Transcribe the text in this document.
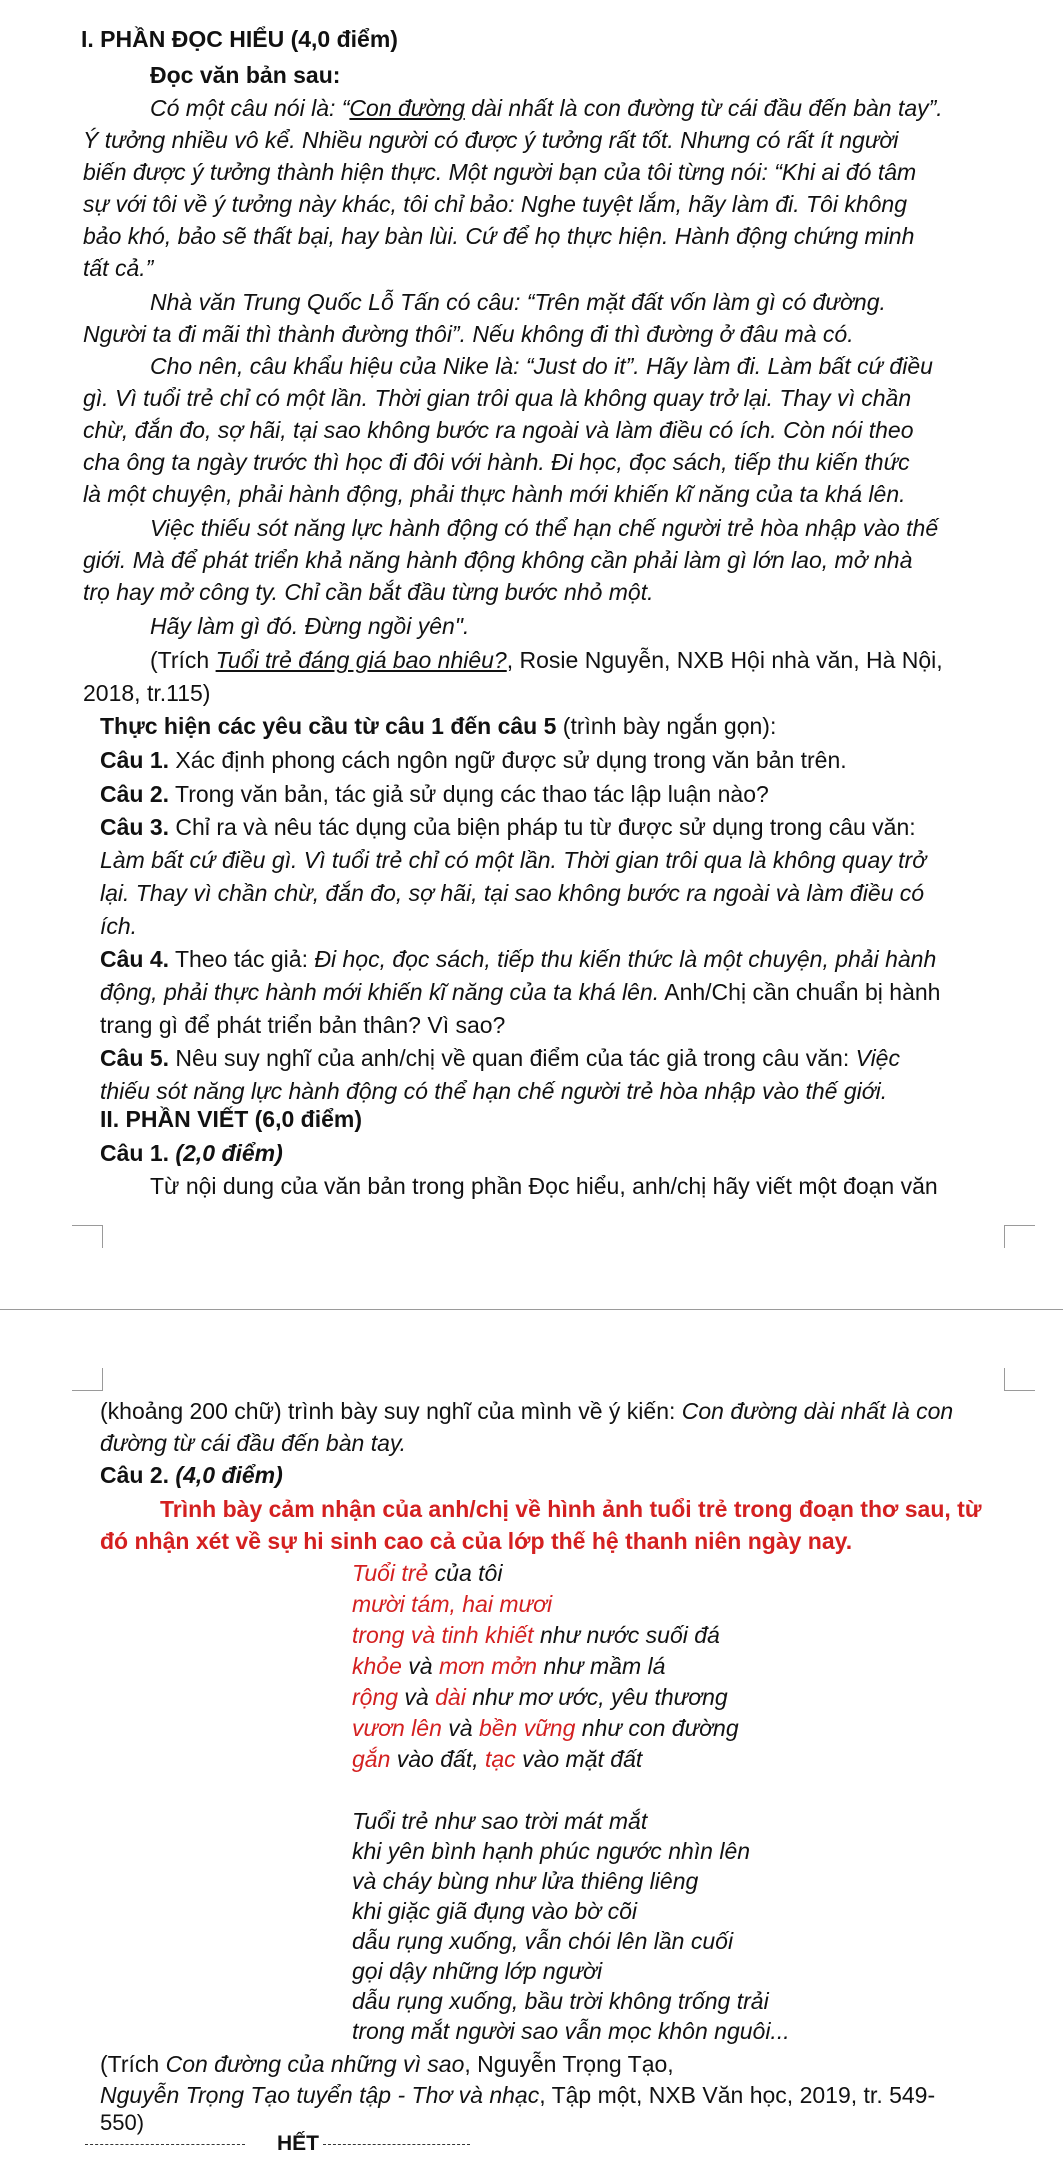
I. PHẦN ĐỌC HIỂU (4,0 điểm)
Đọc văn bản sau:
Có một câu nói là: “Con đường dài nhất là con đường từ cái đầu đến bàn tay”.
Ý tưởng nhiều vô kể. Nhiều người có được ý tưởng rất tốt. Nhưng có rất ít người
biến được ý tưởng thành hiện thực. Một người bạn của tôi từng nói: “Khi ai đó tâm
sự với tôi về ý tưởng này khác, tôi chỉ bảo: Nghe tuyệt lắm, hãy làm đi. Tôi không
bảo khó, bảo sẽ thất bại, hay bàn lùi. Cứ để họ thực hiện. Hành động chứng minh
tất cả.”
Nhà văn Trung Quốc Lỗ Tấn có câu: “Trên mặt đất vốn làm gì có đường.
Người ta đi mãi thì thành đường thôi”. Nếu không đi thì đường ở đâu mà có.
Cho nên, câu khẩu hiệu của Nike là: “Just do it”. Hãy làm đi. Làm bất cứ điều
gì. Vì tuổi trẻ chỉ có một lần. Thời gian trôi qua là không quay trở lại. Thay vì chần
chừ, đắn đo, sợ hãi, tại sao không bước ra ngoài và làm điều có ích. Còn nói theo
cha ông ta ngày trước thì học đi đôi với hành. Đi học, đọc sách, tiếp thu kiến thức
là một chuyện, phải hành động, phải thực hành mới khiến kĩ năng của ta khá lên.
Việc thiếu sót năng lực hành động có thể hạn chế người trẻ hòa nhập vào thế
giới. Mà để phát triển khả năng hành động không cần phải làm gì lớn lao, mở nhà
trọ hay mở công ty. Chỉ cần bắt đầu từng bước nhỏ một.
Hãy làm gì đó. Đừng ngồi yên".
(Trích Tuổi trẻ đáng giá bao nhiêu?, Rosie Nguyễn, NXB Hội nhà văn, Hà Nội,
2018, tr.115)
Thực hiện các yêu cầu từ câu 1 đến câu 5 (trình bày ngắn gọn):
Câu 1. Xác định phong cách ngôn ngữ được sử dụng trong văn bản trên.
Câu 2. Trong văn bản, tác giả sử dụng các thao tác lập luận nào?
Câu 3. Chỉ ra và nêu tác dụng của biện pháp tu từ được sử dụng trong câu văn:
Làm bất cứ điều gì. Vì tuổi trẻ chỉ có một lần. Thời gian trôi qua là không quay trở
lại. Thay vì chần chừ, đắn đo, sợ hãi, tại sao không bước ra ngoài và làm điều có
ích.
Câu 4. Theo tác giả: Đi học, đọc sách, tiếp thu kiến thức là một chuyện, phải hành
động, phải thực hành mới khiến kĩ năng của ta khá lên. Anh/Chị cần chuẩn bị hành
trang gì để phát triển bản thân? Vì sao?
Câu 5. Nêu suy nghĩ của anh/chị về quan điểm của tác giả trong câu văn: Việc
thiếu sót năng lực hành động có thể hạn chế người trẻ hòa nhập vào thế giới.
II. PHẦN VIẾT (6,0 điểm)
Câu 1. (2,0 điểm)
Từ nội dung của văn bản trong phần Đọc hiểu, anh/chị hãy viết một đoạn văn
(khoảng 200 chữ) trình bày suy nghĩ của mình về ý kiến: Con đường dài nhất là con
đường từ cái đầu đến bàn tay.
Câu 2. (4,0 điểm)
Trình bày cảm nhận của anh/chị về hình ảnh tuổi trẻ trong đoạn thơ sau, từ
đó nhận xét về sự hi sinh cao cả của lớp thế hệ thanh niên ngày nay.
Tuổi trẻ của tôi
mười tám, hai mươi
trong và tinh khiết như nước suối đá
khỏe và mơn mởn như mầm lá
rộng và dài như mơ ước, yêu thương
vươn lên và bền vững như con đường
gắn vào đất, tạc vào mặt đất
Tuổi trẻ như sao trời mát mắt
khi yên bình hạnh phúc ngước nhìn lên
và cháy bùng như lửa thiêng liêng
khi giặc giã đụng vào bờ cõi
dẫu rụng xuống, vẫn chói lên lần cuối
gọi dậy những lớp người
dẫu rụng xuống, bầu trời không trống trải
trong mắt người sao vẫn mọc khôn nguôi...
(Trích Con đường của những vì sao, Nguyễn Trọng Tạo,
Nguyễn Trọng Tạo tuyển tập - Thơ và nhạc, Tập một, NXB Văn học, 2019, tr. 549-
550)
HẾT
